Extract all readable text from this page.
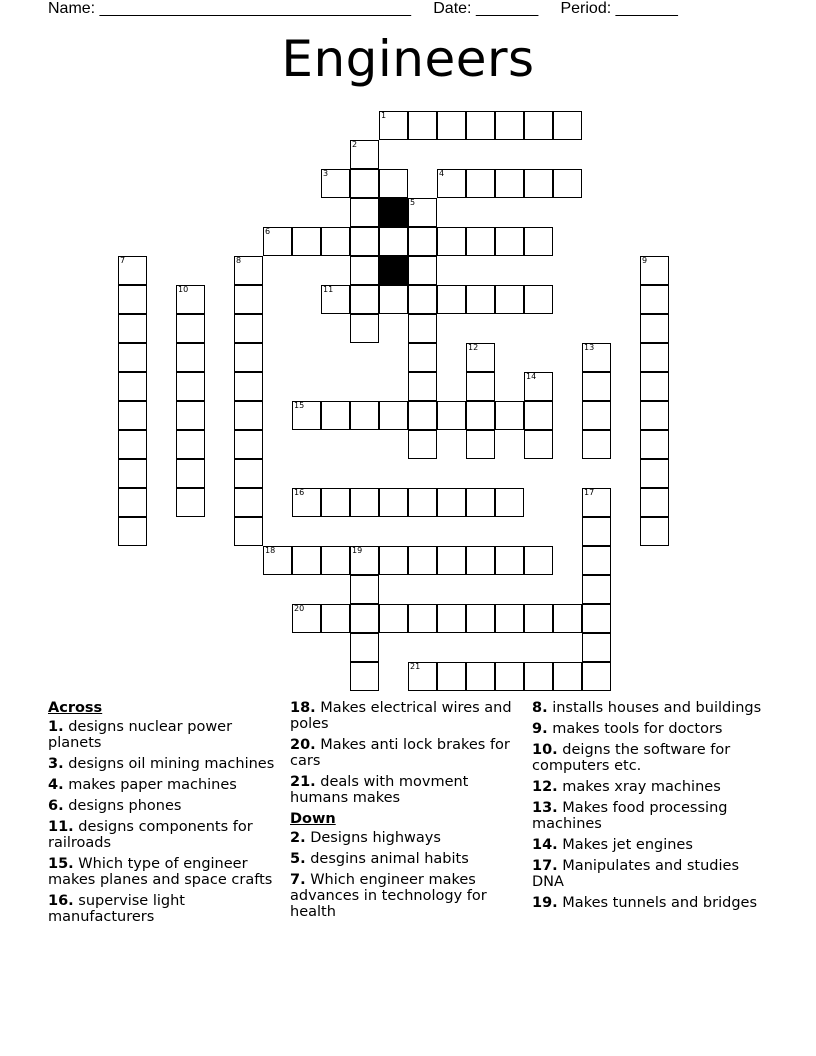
Name: ___________________________________ Date: _______ Period: _______
Engineers
1
2
3	4
5
6
7	8	9
10	11
12	13
14
15
16	17
18	19
20
21
Across
1. designs nuclear power planets
3. designs oil mining machines
4. makes paper machines
6. designs phones
11. designs components for railroads
15. Which type of engineer makes planes and space crafts
16. supervise light manufacturers
18. Makes electrical wires and poles
20. Makes anti lock brakes for cars
21. deals with movment humans makes
Down
2. Designs highways
5. desgins animal habits
7. Which engineer makes advances in technology for health
8. installs houses and buildings
9. makes tools for doctors
10. deigns the software for computers etc.
12. makes xray machines
13. Makes food processing machines
14. Makes jet engines
17. Manipulates and studies DNA
19. Makes tunnels and bridges
